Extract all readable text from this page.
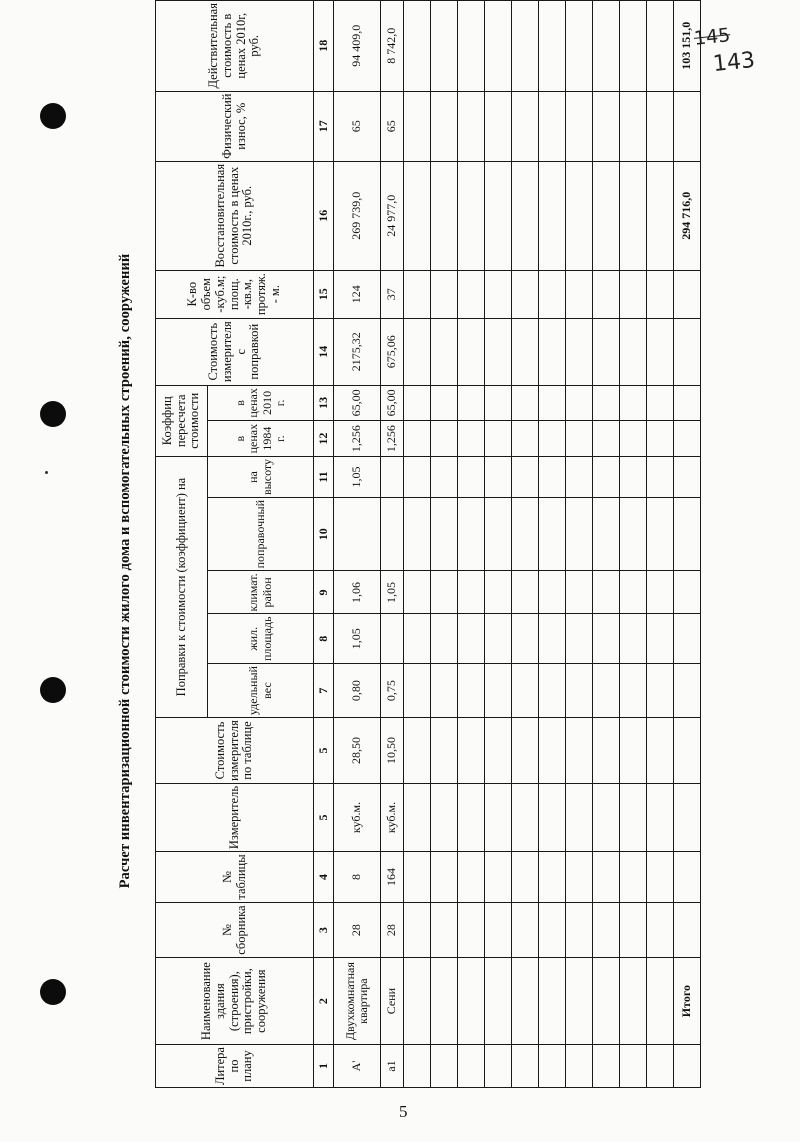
145
143
Расчет инвентаризационной стоимости жилого дома и вспомогательных строений, сооружений
Литера по плану	Наименование здания (строения), пристройки, сооружения	№ сборника	№ таблицы	Измеритель	Стоимость измерителя по таблице	Поправки к стоимости (коэффициент) на					Коэффиц пересчета стоимости		Стоимость измерителя с поправкой	К-во объем -куб.м; площ. -кв.м, протяж. - м.	Восстановительная стоимость в ценах 2010г., руб.	Физический износ, %	Действительная стоимость в ценах 2010г, руб.
						удельный вес	жил. площадь	климат. район	поправочный	на высоту	в ценах 1984 г.	в ценах 2010 г.					
1	2	3	4	5	5	7	8	9	10	11	12	13	14	15	16	17	18
А'	Двухкомнатная квартира	28	8	куб.м.	28,50	0,80	1,05	1,06		1,05	1,256	65,00	2175,32	124	269 739,0	65	94 409,0
а1	Сени	28	164	куб.м.	10,50	0,75		1,05			1,256	65,00	675,06	37	24 977,0	65	8 742,0

	Итого														294 716,0		103 151,0
5
